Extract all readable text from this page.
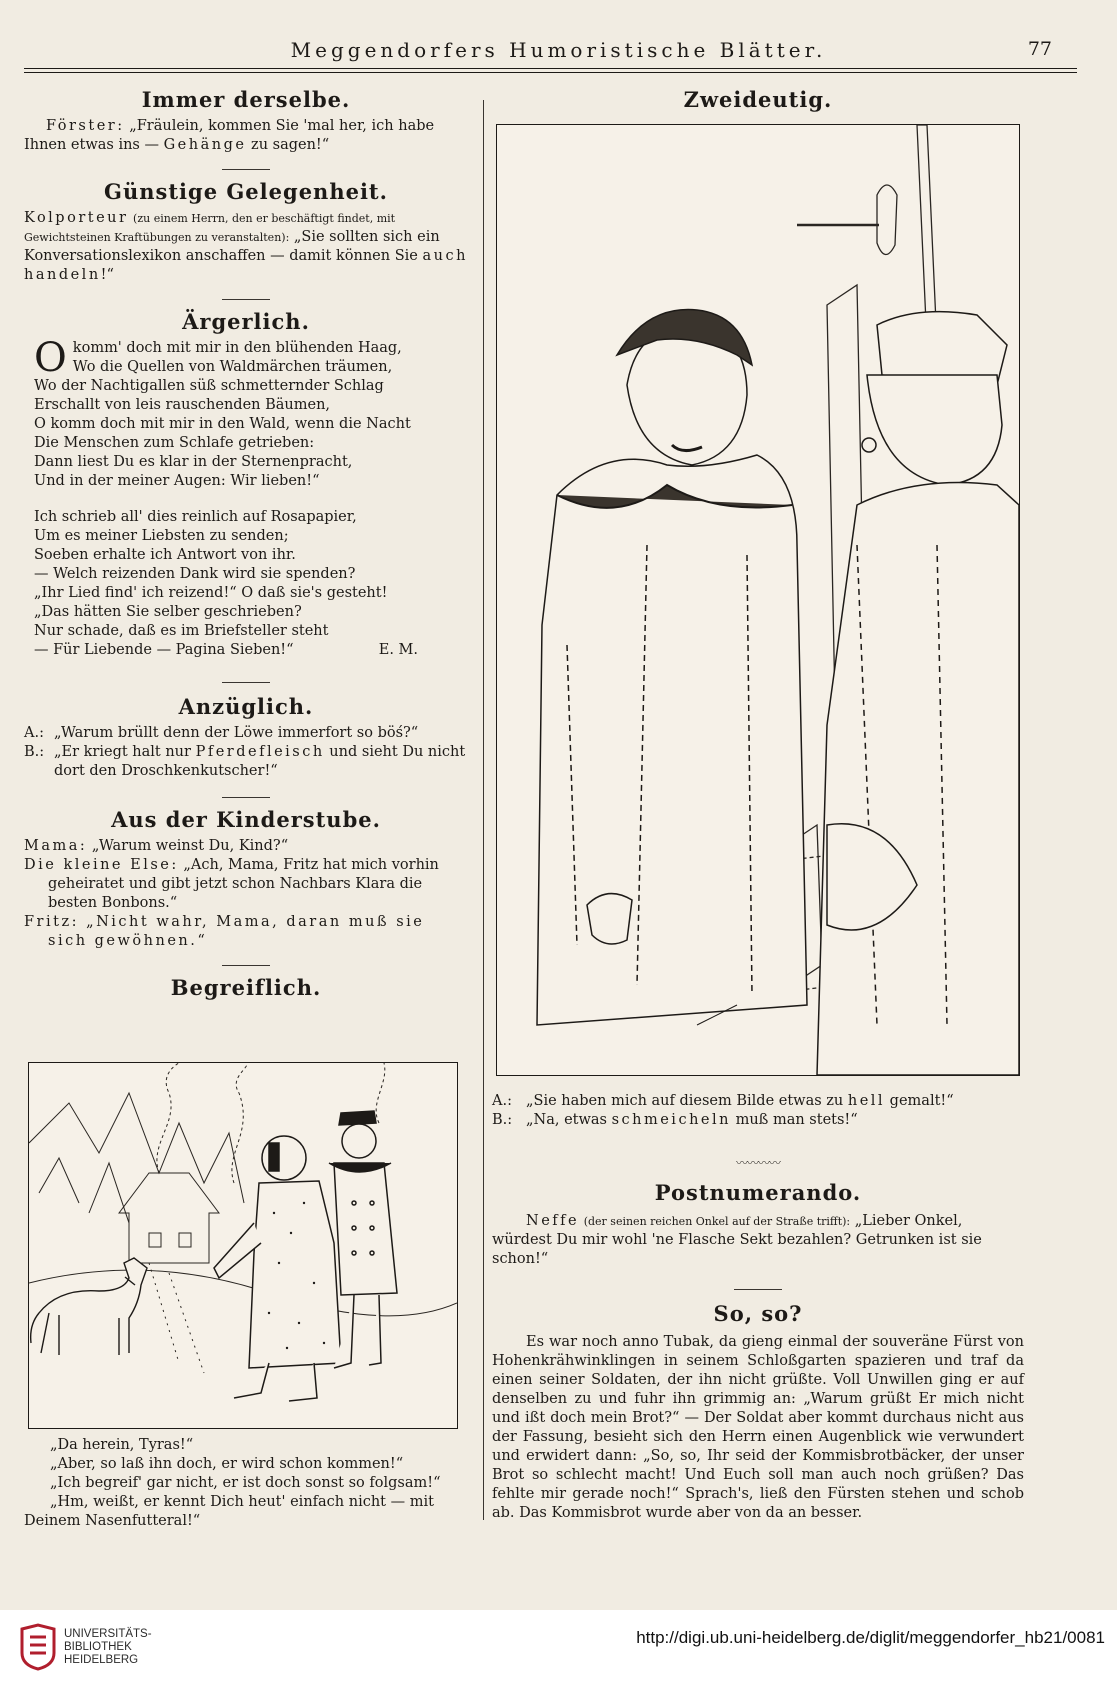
Meggendorfers Humoristische Blätter.	77
Immer derselbe.

Förster: „Fräulein, kommen Sie 'mal her, ich habe Ihnen etwas ins — Gehänge zu sagen!“

Günstige Gelegenheit.

Kolporteur (zu einem Herrn, den er beschäftigt findet, mit Gewichtsteinen Kraftübungen zu veranstalten): „Sie sollten sich ein Konversationslexikon anschaffen — damit können Sie auch handeln!“

Ärgerlich.
O komm' doch mit mir in den blühenden Haag,

Wo die Quellen von Waldmärchen träumen,

Wo der Nachtigallen süß schmetternder Schlag

Erschallt von leis rauschenden Bäumen,

O komm doch mit mir in den Wald, wenn die Nacht

Die Menschen zum Schlafe getrieben:

Dann liest Du es klar in der Sternenpracht,

Und in der meiner Augen: Wir lieben!“

Ich schrieb all' dies reinlich auf Rosapapier,

Um es meiner Liebsten zu senden;

Soeben erhalte ich Antwort von ihr.

— Welch reizenden Dank wird sie spenden?

„Ihr Lied find' ich reizend!“ O daß sie's gesteht!

„Das hätten Sie selber geschrieben?

Nur schade, daß es im Briefsteller steht

— Für Liebende — Pagina Sieben!“	E. M.

Anzüglich.

A.: „Warum brüllt denn der Löwe immerfort so böś?“

B.: „Er kriegt halt nur Pferdefleisch und sieht Du nicht dort den Droschkenkutscher!“

Aus der Kinderstube.

Mama: „Warum weinst Du, Kind?“

Die kleine Else: „Ach, Mama, Fritz hat mich vorhin geheiratet und gibt jetzt schon Nachbars Klara die besten Bonbons.“

Fritz: „Nicht wahr, Mama, daran muß sie sich gewöhnen.“

Begreiflich.

„Da herein, Tyras!“

„Aber, so laß ihn doch, er wird schon kommen!“

„Ich begreif' gar nicht, er ist doch sonst so folgsam!“

„Hm, weißt, er kennt Dich heut' einfach nicht — mit Deinem Nasenfutteral!“

Zweideutig.

A.: „Sie haben mich auf diesem Bilde etwas zu hell gemalt!“

B.: „Na, etwas schmeicheln muß man stets!“

〰〰〰〰
Postnumerando.

Neffe (der seinen reichen Onkel auf der Straße trifft): „Lieber Onkel, würdest Du mir wohl 'ne Flasche Sekt bezahlen? Getrunken ist sie schon!“

So, so?

Es war noch anno Tubak, da gieng einmal der souveräne Fürst von Hohenkrähwinklingen in seinem Schloßgarten spazieren und traf da einen seiner Soldaten, der ihn nicht grüßte. Voll Unwillen ging er auf denselben zu und fuhr ihn grimmig an: „Warum grüßt Er mich nicht und ißt doch mein Brot?“ — Der Soldat aber kommt durchaus nicht aus der Fassung, besieht sich den Herrn einen Augenblick wie verwundert und erwidert dann: „So, so, Ihr seid der Kommisbrotbäcker, der unser Brot so schlecht macht! Und Euch soll man auch noch grüßen? Das fehlte mir gerade noch!“ Sprach's, ließ den Fürsten stehen und schob ab. Das Kommisbrot wurde aber von da an besser.

UNIVERSITÄTS-
BIBLIOTHEK
HEIDELBERG
http://digi.ub.uni-heidelberg.de/diglit/meggendorfer_hb21/0081
